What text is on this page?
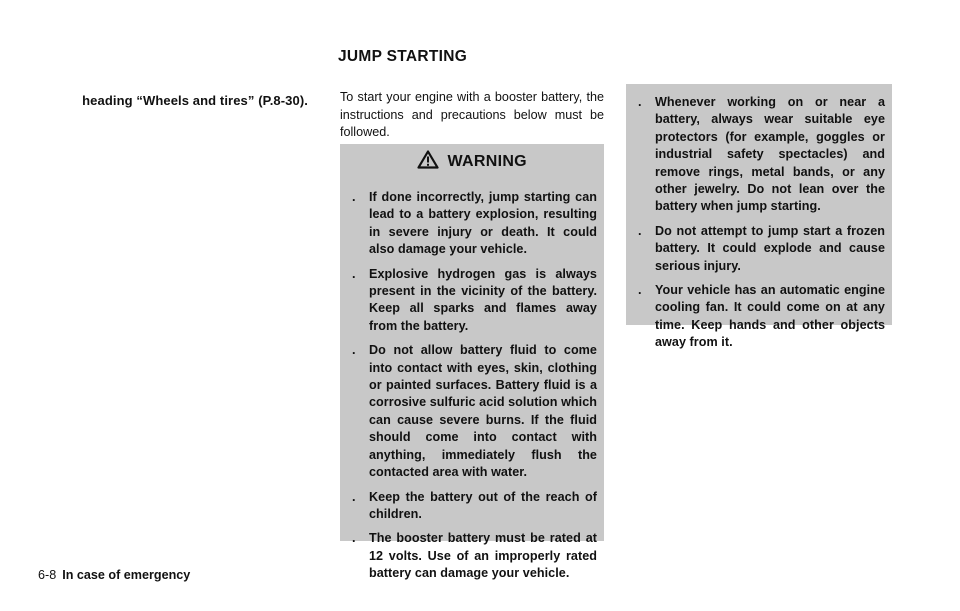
heading “Wheels and tires” (P.8-30).
JUMP STARTING
To start your engine with a booster battery, the instructions and precautions below must be followed.
WARNING
. If done incorrectly, jump starting can lead to a battery explosion, resulting in severe injury or death. It could also damage your vehicle.
. Explosive hydrogen gas is always present in the vicinity of the battery. Keep all sparks and flames away from the battery.
. Do not allow battery fluid to come into contact with eyes, skin, clothing or painted surfaces. Battery fluid is a corrosive sulfuric acid solution which can cause severe burns. If the fluid should come into contact with anything, immediately flush the contacted area with water.
. Keep the battery out of the reach of children.
. The booster battery must be rated at 12 volts. Use of an improperly rated battery can damage your vehicle.
. Whenever working on or near a battery, always wear suitable eye protectors (for example, goggles or industrial safety spectacles) and remove rings, metal bands, or any other jewelry. Do not lean over the battery when jump starting.
. Do not attempt to jump start a frozen battery. It could explode and cause serious injury.
. Your vehicle has an automatic engine cooling fan. It could come on at any time. Keep hands and other objects away from it.
6-8 In case of emergency
